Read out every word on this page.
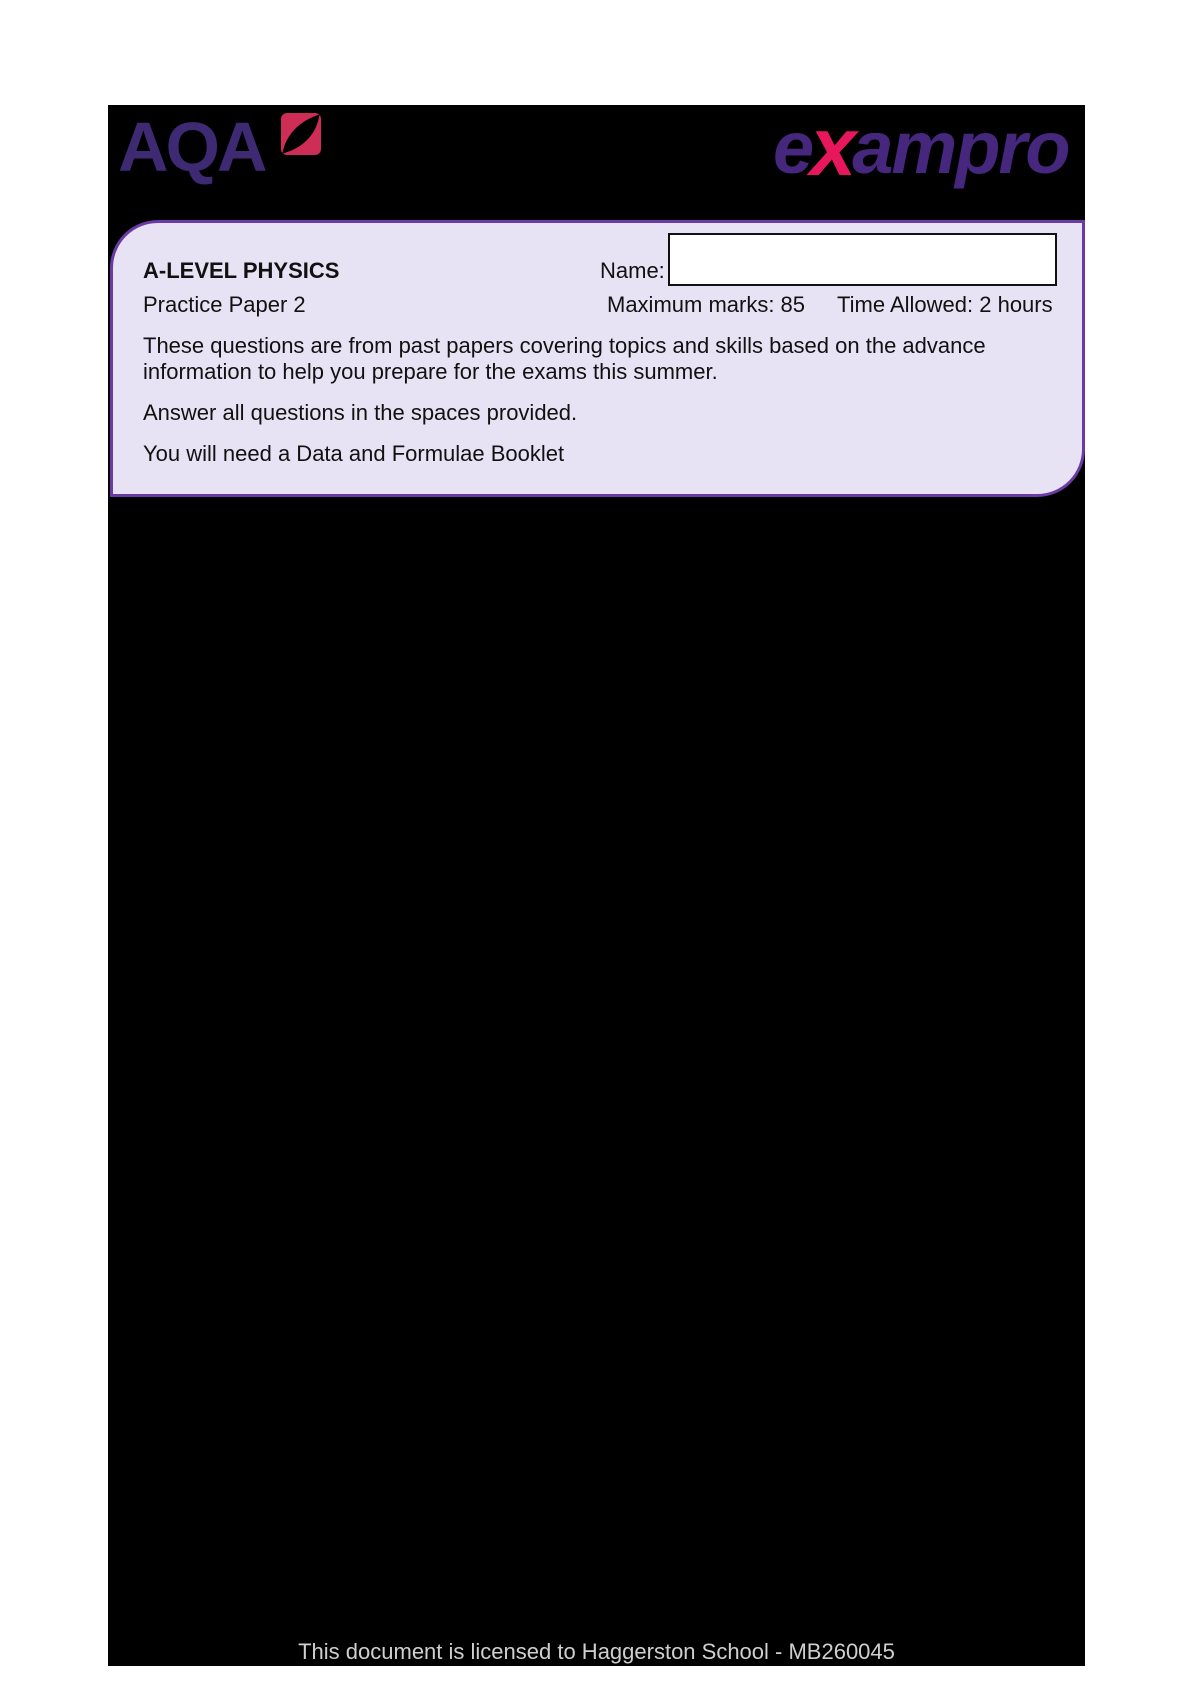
AQA	exampro
A-LEVEL PHYSICS	Name:
Practice Paper 2	Maximum marks: 85 Time Allowed: 2 hours
These questions are from past papers covering topics and skills based on the advance
information to help you prepare for the exams this summer.
Answer all questions in the spaces provided.
You will need a Data and Formulae Booklet
This document is licensed to Haggerston School - MB260045
